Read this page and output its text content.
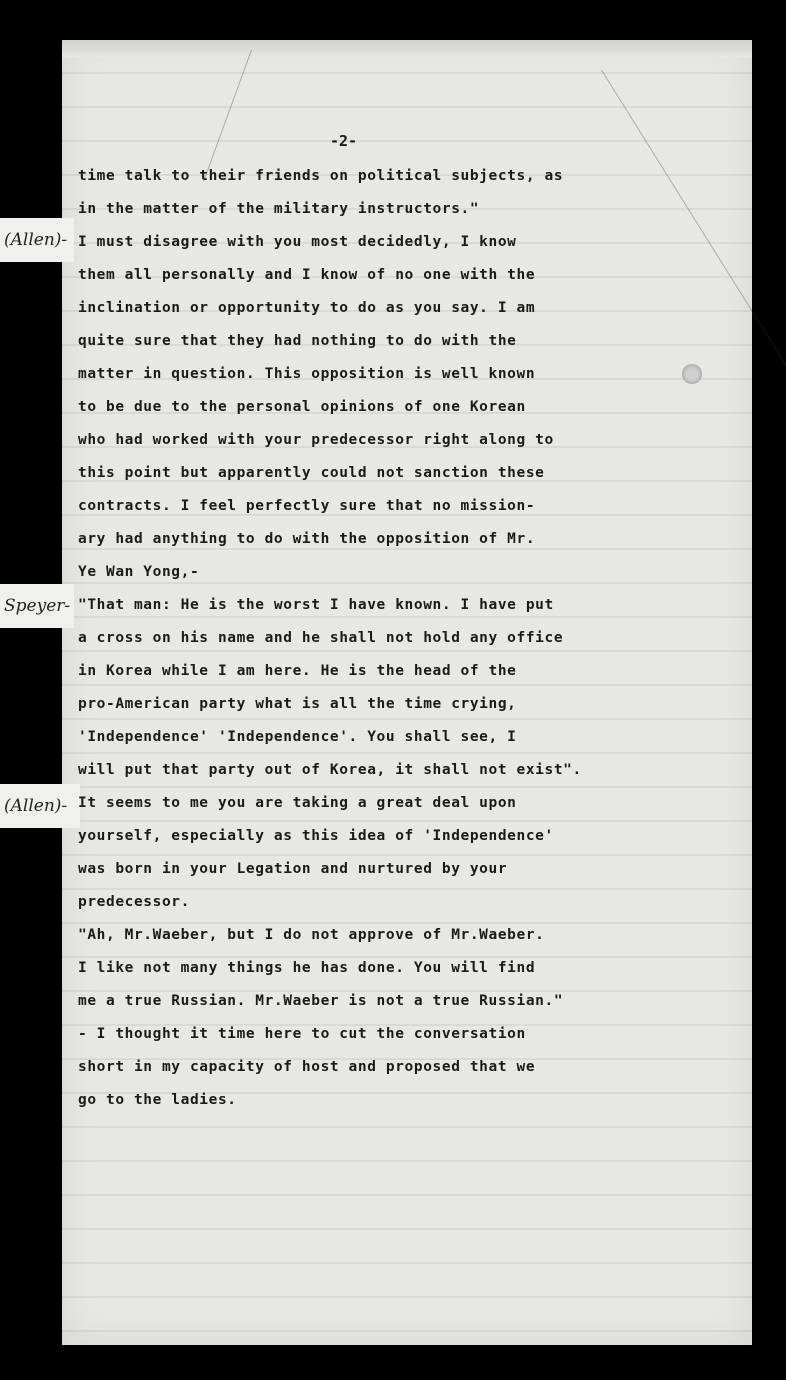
(Allen)-
Speyer-
(Allen)-
-2-
time talk to their friends on political subjects, as
in the matter of the military instructors."
I must disagree with you most decidedly, I know
them all personally and I know of no one with the
inclination or opportunity to do as you say. I am
quite sure that they had nothing to do with the
matter in question. This opposition is well known
to be due to the personal opinions of one Korean
who had worked with your predecessor right along to
this point but apparently could not sanction these
contracts. I feel perfectly sure that no mission-
ary had anything to do with the opposition of Mr.
Ye Wan Yong,-
"That man: He is the worst I have known. I have put
a cross on his name and he shall not hold any office
in Korea while I am here. He is the head of the
pro-American party what is all the time crying,
'Independence' 'Independence'. You shall see, I
will put that party out of Korea, it shall not exist".
It seems to me you are taking a great deal upon
yourself, especially as this idea of 'Independence'
was born in your Legation and nurtured by your
predecessor.
"Ah, Mr.Waeber, but I do not approve of Mr.Waeber.
I like not many things he has done. You will find
me a true Russian. Mr.Waeber is not a true Russian."
- I thought it time here to cut the conversation
short in my capacity of host and proposed that we
go to the ladies.
